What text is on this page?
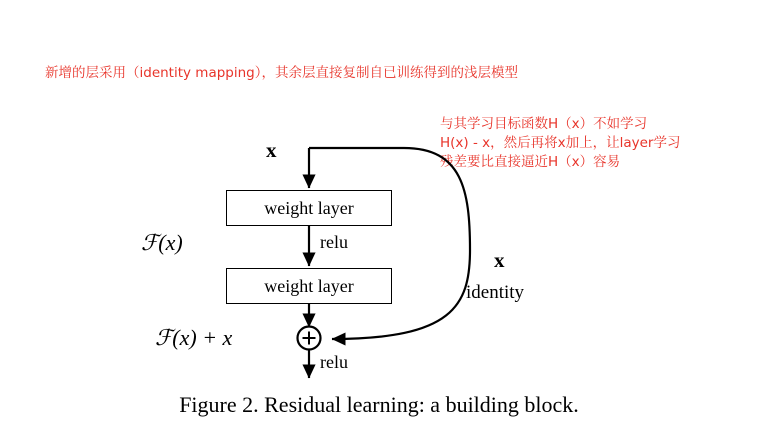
新增的层采用（identity mapping），其余层直接复制自已训练得到的浅层模型
与其学习目标函数H（x）不如学习
H(x) - x，然后再将x加上，让layer学习
残差要比直接逼近H（x）容易
weight layer
weight layer
x
relu
relu
ℱ(x)
ℱ(x) + x
x
identity
Figure 2. Residual learning: a building block.
